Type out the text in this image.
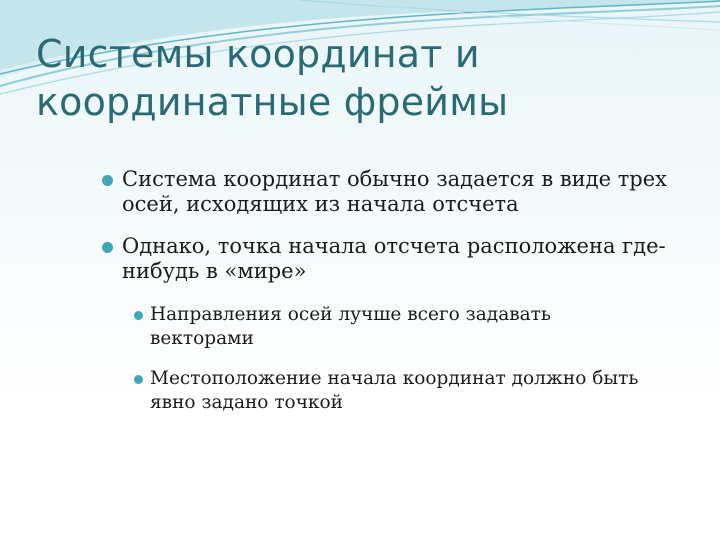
Системы координат и
координатные фреймы
Система координат обычно задается в виде трех
осей, исходящих из начала отсчета
Однако, точка начала отсчета расположена где-
нибудь в «мире»
Направления осей лучше всего задавать
векторами
Местоположение начала координат должно быть
явно задано точкой
